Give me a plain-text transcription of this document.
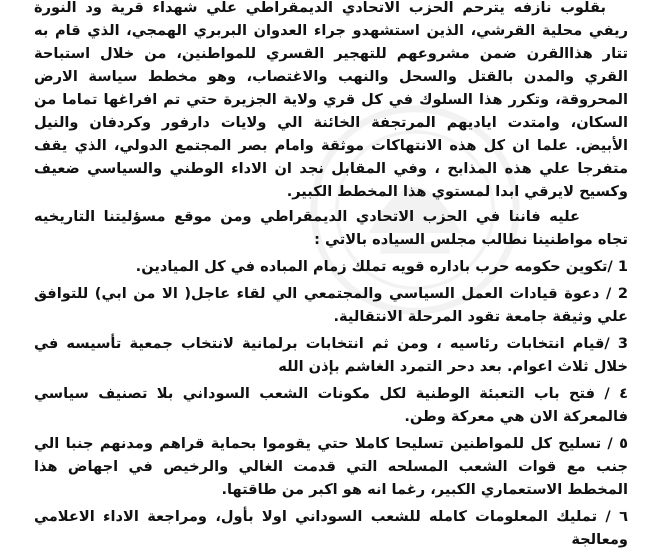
بقلوب نازفه يترحم الحزب الاتحادي الديمقراطي علي شهداء قرية ود النورة ريفي محلية القرشي، الذين استشهدو جراء العدوان البربري الهمجي، الذي قام به تتار هذاالقرن ضمن مشروعهم للتهجير القسري للمواطنين، من خلال استباحة القري والمدن بالقتل والسحل والنهب والاغتصاب، وهو مخطط سياسة الارض المحروقة، وتكرر هذا السلوك في كل قري ولاية الجزيرة حتي تم افراغها تماما من السكان، وامتدت اياديهم المرتجفة الخائنة الي ولايات دارفور وكردفان والنيل الأبيض. علما ان كل هذه الانتهاكات موثقة وامام بصر المجتمع الدولي، الذي يقف متفرجا علي هذه المذابح ، وفي المقابل نجد ان الاداء الوطني والسياسي ضعيف وكسيح لايرقي ابدا لمستوي هذا المخطط الكبير.

عليه فاننا في الحزب الاتحادي الديمقراطي ومن موقع مسؤليتنا التاريخيه تجاه مواطنينا نطالب مجلس السياده بالاتي :

1 /تكوين حكومه حرب باداره قويه تملك زمام المباده في كل الميادين.

2 / دعوة قيادات العمل السياسي والمجتمعي الي لقاء عاجل( الا من ابي) للتوافق علي وثيقة جامعة تقود المرحلة الانتقالية.

3 /قيام انتخابات رئاسيه ، ومن ثم انتخابات برلمانية لانتخاب جمعية تأسيسه في خلال ثلاث اعوام. بعد دحر التمرد الغاشم بإذن الله

٤ / فتح باب التعبئة الوطنية لكل مكونات الشعب السوداني بلا تصنيف سياسي فالمعركة الان هي معركة وطن.

٥ / تسليح كل للمواطنين تسليحا كاملا حتي يقوموا بحماية قراهم ومدنهم جنبا الي جنب مع قوات الشعب المسلحه التي قدمت الغالي والرخيص في اجهاض هذا المخطط الاستعماري الكبير، رغما انه هو اكبر من طاقتها.

٦ / تمليك المعلومات كامله للشعب السوداني اولا بأول، ومراجعة الاداء الاعلامي ومعالجة
